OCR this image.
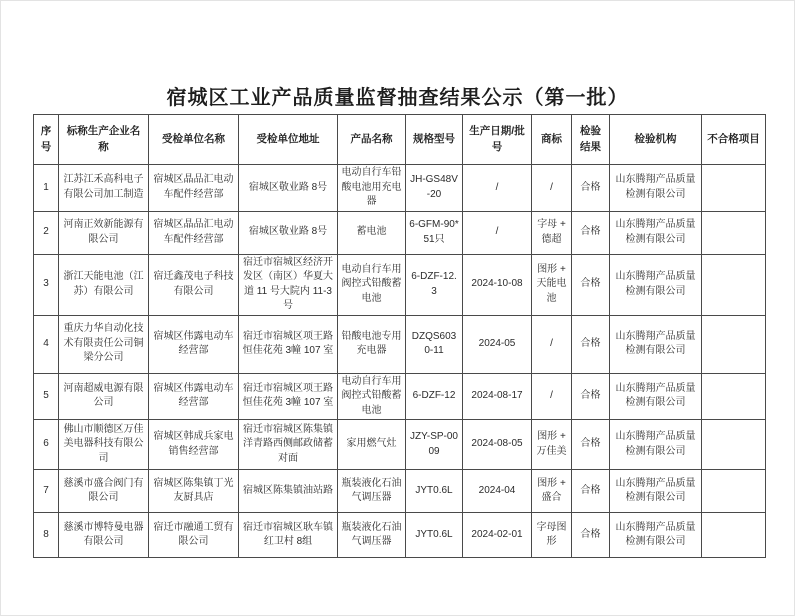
宿城区工业产品质量监督抽查结果公示（第一批）
序号	标称生产企业名称	受检单位名称	受检单位地址	产品名称	规格型号	生产日期/批号	商标	检验结果	检验机构	不合格项目
1	江苏江禾高科电子有限公司加工制造	宿城区晶品汇电动车配件经营部	宿城区敬业路 8号	电动自行车铅酸电池用充电器	JH-GS48V-20	/	/	合格	山东腾翔产品质量检测有限公司	
2	河南正效新能源有限公司	宿城区晶品汇电动车配件经营部	宿城区敬业路 8号	蓄电池	6-GFM-90*51只	/	字母 + 德超	合格	山东腾翔产品质量检测有限公司	
3	浙江天能电池（江苏）有限公司	宿迁鑫茂电子科技有限公司	宿迁市宿城区经济开发区（南区）华夏大道 11 号大院内 11-3号	电动自行车用阀控式铅酸蓄电池	6-DZF-12.3	2024-10-08	图形 + 天能电池	合格	山东腾翔产品质量检测有限公司	
4	重庆力华自动化技术有限责任公司铜梁分公司	宿城区伟露电动车经营部	宿迁市宿城区项王路恒佳花苑 3幢 107 室	铅酸电池专用充电器	DZQS6030-11	2024-05	/	合格	山东腾翔产品质量检测有限公司	
5	河南超威电源有限公司	宿城区伟露电动车经营部	宿迁市宿城区项王路恒佳花苑 3幢 107 室	电动自行车用阀控式铅酸蓄电池	6-DZF-12	2024-08-17	/	合格	山东腾翔产品质量检测有限公司	
6	佛山市顺德区万佳美电器科技有限公司	宿城区韩成兵家电销售经营部	宿迁市宿城区陈集镇洋青路西侧邮政储蓄对面	家用燃气灶	JZY-SP-0009	2024-08-05	图形 + 万佳美	合格	山东腾翔产品质量检测有限公司	
7	慈溪市盛合阀门有限公司	宿城区陈集镇丁光友厨具店	宿城区陈集镇油站路	瓶装液化石油气调压器	JYT0.6L	2024-04	图形 + 盛合	合格	山东腾翔产品质量检测有限公司	
8	慈溪市博特曼电器有限公司	宿迁市融通工贸有限公司	宿迁市宿城区耿车镇红卫村 8组	瓶装液化石油气调压器	JYT0.6L	2024-02-01	字母图形	合格	山东腾翔产品质量检测有限公司	
